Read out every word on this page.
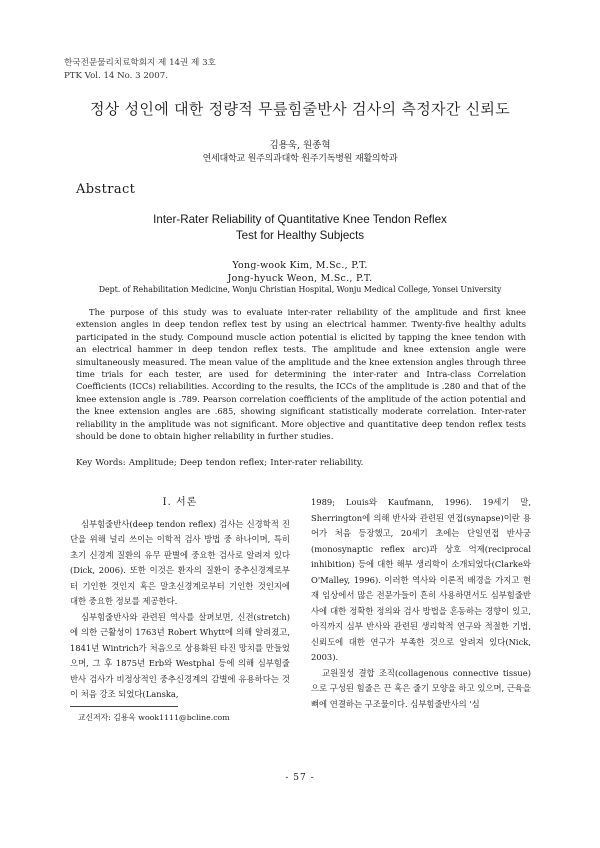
한국전문물리치료학회지 제 14권 제 3호
PTK Vol. 14 No. 3 2007.
정상 성인에 대한 정량적 무릎힘줄반사 검사의 측정자간 신뢰도
김용욱, 원종혁
연세대학교 원주의과대학 원주기독병원 재활의학과
Abstract
Inter-Rater Reliability of Quantitative Knee Tendon Reflex
Test for Healthy Subjects
Yong-wook Kim, M.Sc., P.T.
Jong-hyuck Weon, M.Sc., P.T.
Dept. of Rehabilitation Medicine, Wonju Christian Hospital, Wonju Medical College, Yonsei University

The purpose of this study was to evaluate inter-rater reliability of the amplitude and first knee extension angles in deep tendon reflex test by using an electrical hammer. Twenty-five healthy adults participated in the study. Compound muscle action potential is elicited by tapping the knee tendon with an electrical hammer in deep tendon reflex tests. The amplitude and knee extension angle were simultaneously measured. The mean value of the amplitude and the knee extension angles through three time trials for each tester, are used for determining the inter-rater and Intra-class Correlation Coefficients (ICCs) reliabilities. According to the results, the ICCs of the amplitude is .280 and that of the knee extension angle is .789. Pearson correlation coefficients of the amplitude of the action potential and the knee extension angles are .685, showing significant statistically moderate correlation. Inter-rater reliability in the amplitude was not significant. More objective and quantitative deep tendon reflex tests should be done to obtain higher reliability in further studies.

Key Words: Amplitude; Deep tendon reflex; Inter-rater reliability.
Ⅰ. 서론

심부힘줄반사(deep tendon reflex) 검사는 신경학적 진단을 위해 널리 쓰이는 이학적 검사 방법 중 하나이며, 특히 초기 신경계 질환의 유무 판별에 중요한 검사로 알려져 있다(Dick, 2006). 또한 이것은 환자의 질환이 중추신경계로부터 기인한 것인지 혹은 말초신경계로부터 기인한 것인지에 대한 중요한 정보를 제공한다.

심부힘줄반사와 관련된 역사를 살펴보면, 신전(stretch)에 의한 근활성이 1763년 Robert Whytt에 의해 알려졌고, 1841년 Wintrich가 처음으로 상용화된 타진 망치를 만들었으며, 그 후 1875년 Erb와 Westphal 등에 의해 심부힘줄반사 검사가 비정상적인 중추신경계의 감별에 유용하다는 것이 처음 강조 되었다(Lanska,

1989; Louis와 Kaufmann, 1996). 19세기 말, Sherrington에 의해 반사와 관련된 연접(synapse)이란 용어가 처음 등장했고, 20세기 초에는 단일연접 반사궁(monosynaptic reflex arc)과 상호 억제(reciprocal inhibition) 등에 대한 해부 생리학이 소개되었다(Clarke와 O'Malley, 1996). 이러한 역사와 이론적 배경을 가지고 현재 임상에서 많은 전문가들이 흔히 사용하면서도 심부힘줄반사에 대한 정확한 정의와 검사 방법을 혼동하는 경향이 있고, 아직까지 심부 반사와 관련된 생리학적 연구와 적절한 기법, 신뢰도에 대한 연구가 부족한 것으로 알려져 있다(Nick, 2003).

교원질성 결합 조직(collagenous connective tissue)으로 구성된 힘줄은 끈 혹은 줄기 모양을 하고 있으며, 근육을 뼈에 연결하는 구조물이다. 심부힘줄반사의 '심

교신저자: 김용욱 wook1111@bcline.com
- 57 -
